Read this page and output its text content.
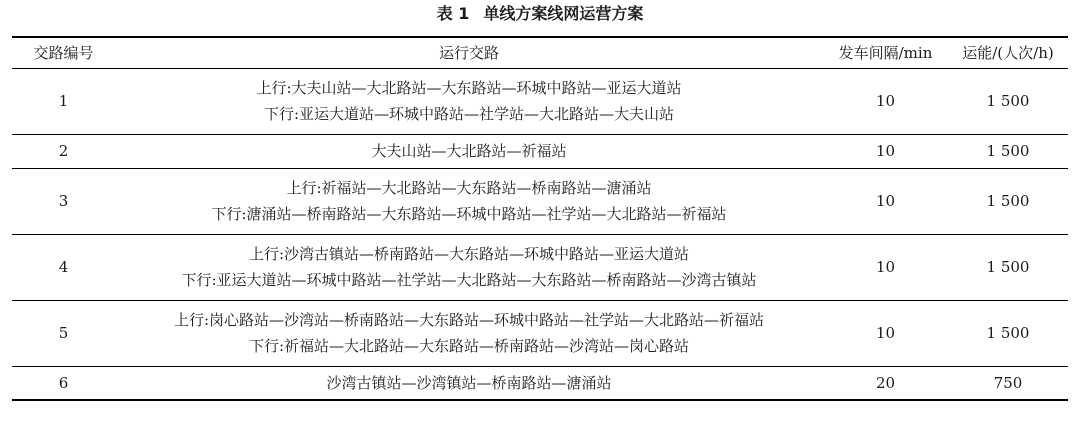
表 1 单线方案线网运营方案
交路编号	运行交路	发车间隔/min	运能/(人次/h)
1	上行:大夫山站—大北路站—大东路站—环城中路站—亚运大道站
下行:亚运大道站—环城中路站—社学站—大北路站—大夫山站	10	1 500
2	大夫山站—大北路站—祈福站	10	1 500
3	上行:祈福站—大北路站—大东路站—桥南路站—溏涌站
下行:溏涌站—桥南路站—大东路站—环城中路站—社学站—大北路站—祈福站	10	1 500
4	上行:沙湾古镇站—桥南路站—大东路站—环城中路站—亚运大道站
下行:亚运大道站—环城中路站—社学站—大北路站—大东路站—桥南路站—沙湾古镇站	10	1 500
5	上行:岗心路站—沙湾站—桥南路站—大东路站—环城中路站—社学站—大北路站—祈福站
下行:祈福站—大北路站—大东路站—桥南路站—沙湾站—岗心路站	10	1 500
6	沙湾古镇站—沙湾镇站—桥南路站—溏涌站	20	750
